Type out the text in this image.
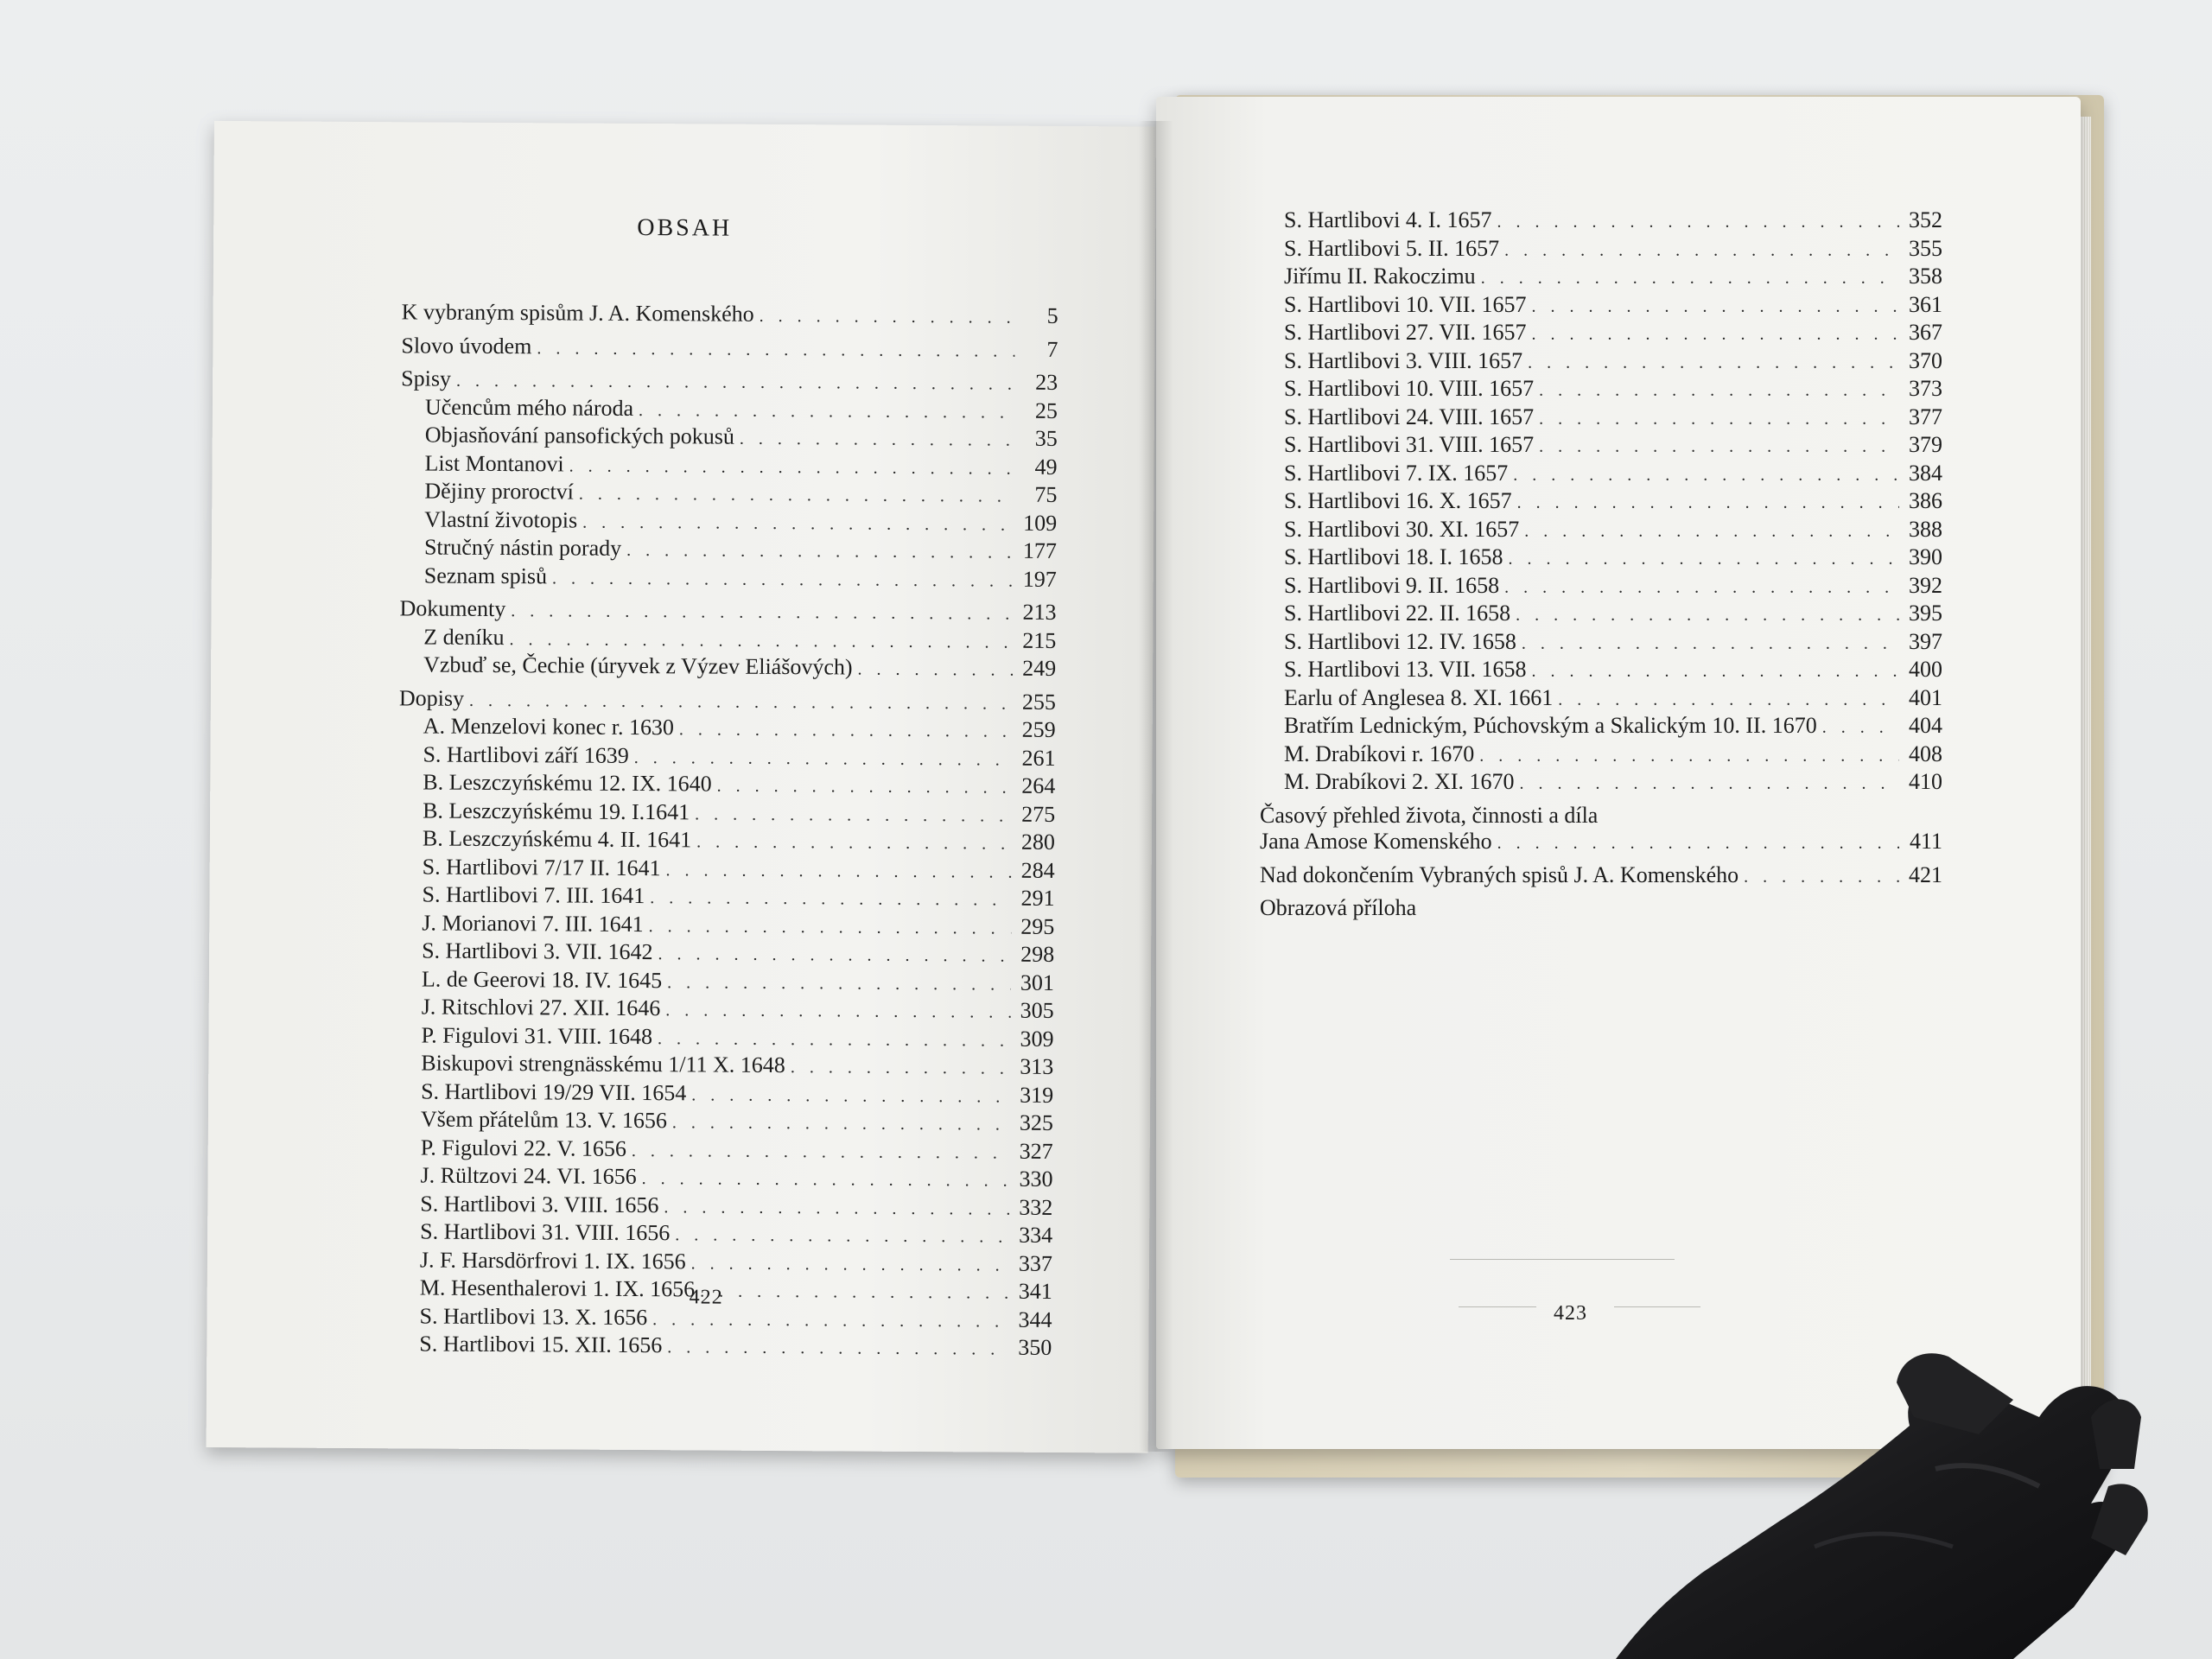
OBSAH
K vybraným spisům J. A. Komenského . . .	5
Slovo úvodem . . .	7
Spisy . . .	23
Učencům mého národa . . .	25
Objasňování pansofických pokusů . . .	35
List Montanovi . . .	49
Dějiny proroctví . . .	75
Vlastní životopis . . .	109
Stručný nástin porady . . .	177
Seznam spisů . . .	197
Dokumenty . . .	213
Z deníku . . .	215
Vzbuď se, Čechie (úryvek z Výzev Eliášových) . . .	249
Dopisy . . .	255
A. Menzelovi konec r. 1630 . . .	259
S. Hartlibovi září 1639 . . .	261
B. Leszczyńskému 12. IX. 1640 . . .	264
B. Leszczyńskému 19. I.1641 . . .	275
B. Leszczyńskému 4. II. 1641 . . .	280
S. Hartlibovi 7/17 II. 1641 . . .	284
S. Hartlibovi 7. III. 1641 . . .	291
J. Morianovi 7. III. 1641 . . .	295
S. Hartlibovi 3. VII. 1642 . . .	298
L. de Geerovi 18. IV. 1645 . . .	301
J. Ritschlovi 27. XII. 1646 . . .	305
P. Figulovi 31. VIII. 1648 . . .	309
Biskupovi strengnässkému 1/11 X. 1648 . . .	313
S. Hartlibovi 19/29 VII. 1654 . . .	319
Všem přátelům 13. V. 1656 . . .	325
P. Figulovi 22. V. 1656 . . .	327
J. Rültzovi 24. VI. 1656 . . .	330
S. Hartlibovi 3. VIII. 1656 . . .	332
S. Hartlibovi 31. VIII. 1656 . . .	334
J. F. Harsdörfrovi 1. IX. 1656 . . .	337
M. Hesenthalerovi 1. IX. 1656 . . .	341
S. Hartlibovi 13. X. 1656 . . .	344
S. Hartlibovi 15. XII. 1656 . . .	350
422
S. Hartlibovi 4. I. 1657 . . .	352
S. Hartlibovi 5. II. 1657 . . .	355
Jiřímu II. Rakoczimu . . .	358
S. Hartlibovi 10. VII. 1657 . . .	361
S. Hartlibovi 27. VII. 1657 . . .	367
S. Hartlibovi 3. VIII. 1657 . . .	370
S. Hartlibovi 10. VIII. 1657 . . .	373
S. Hartlibovi 24. VIII. 1657 . . .	377
S. Hartlibovi 31. VIII. 1657 . . .	379
S. Hartlibovi 7. IX. 1657 . . .	384
S. Hartlibovi 16. X. 1657 . . .	386
S. Hartlibovi 30. XI. 1657 . . .	388
S. Hartlibovi 18. I. 1658 . . .	390
S. Hartlibovi 9. II. 1658 . . .	392
S. Hartlibovi 22. II. 1658 . . .	395
S. Hartlibovi 12. IV. 1658 . . .	397
S. Hartlibovi 13. VII. 1658 . . .	400
Earlu of Anglesea 8. XI. 1661 . . .	401
Bratřím Lednickým, Púchovským a Skalickým 10. II. 1670 . . .	404
M. Drabíkovi r. 1670 . . .	408
M. Drabíkovi 2. XI. 1670 . . .	410
Časový přehled života, činnosti a díla
Jana Amose Komenského . . .	411
Nad dokončením Vybraných spisů J. A. Komenského . . .	421
Obrazová příloha
423
